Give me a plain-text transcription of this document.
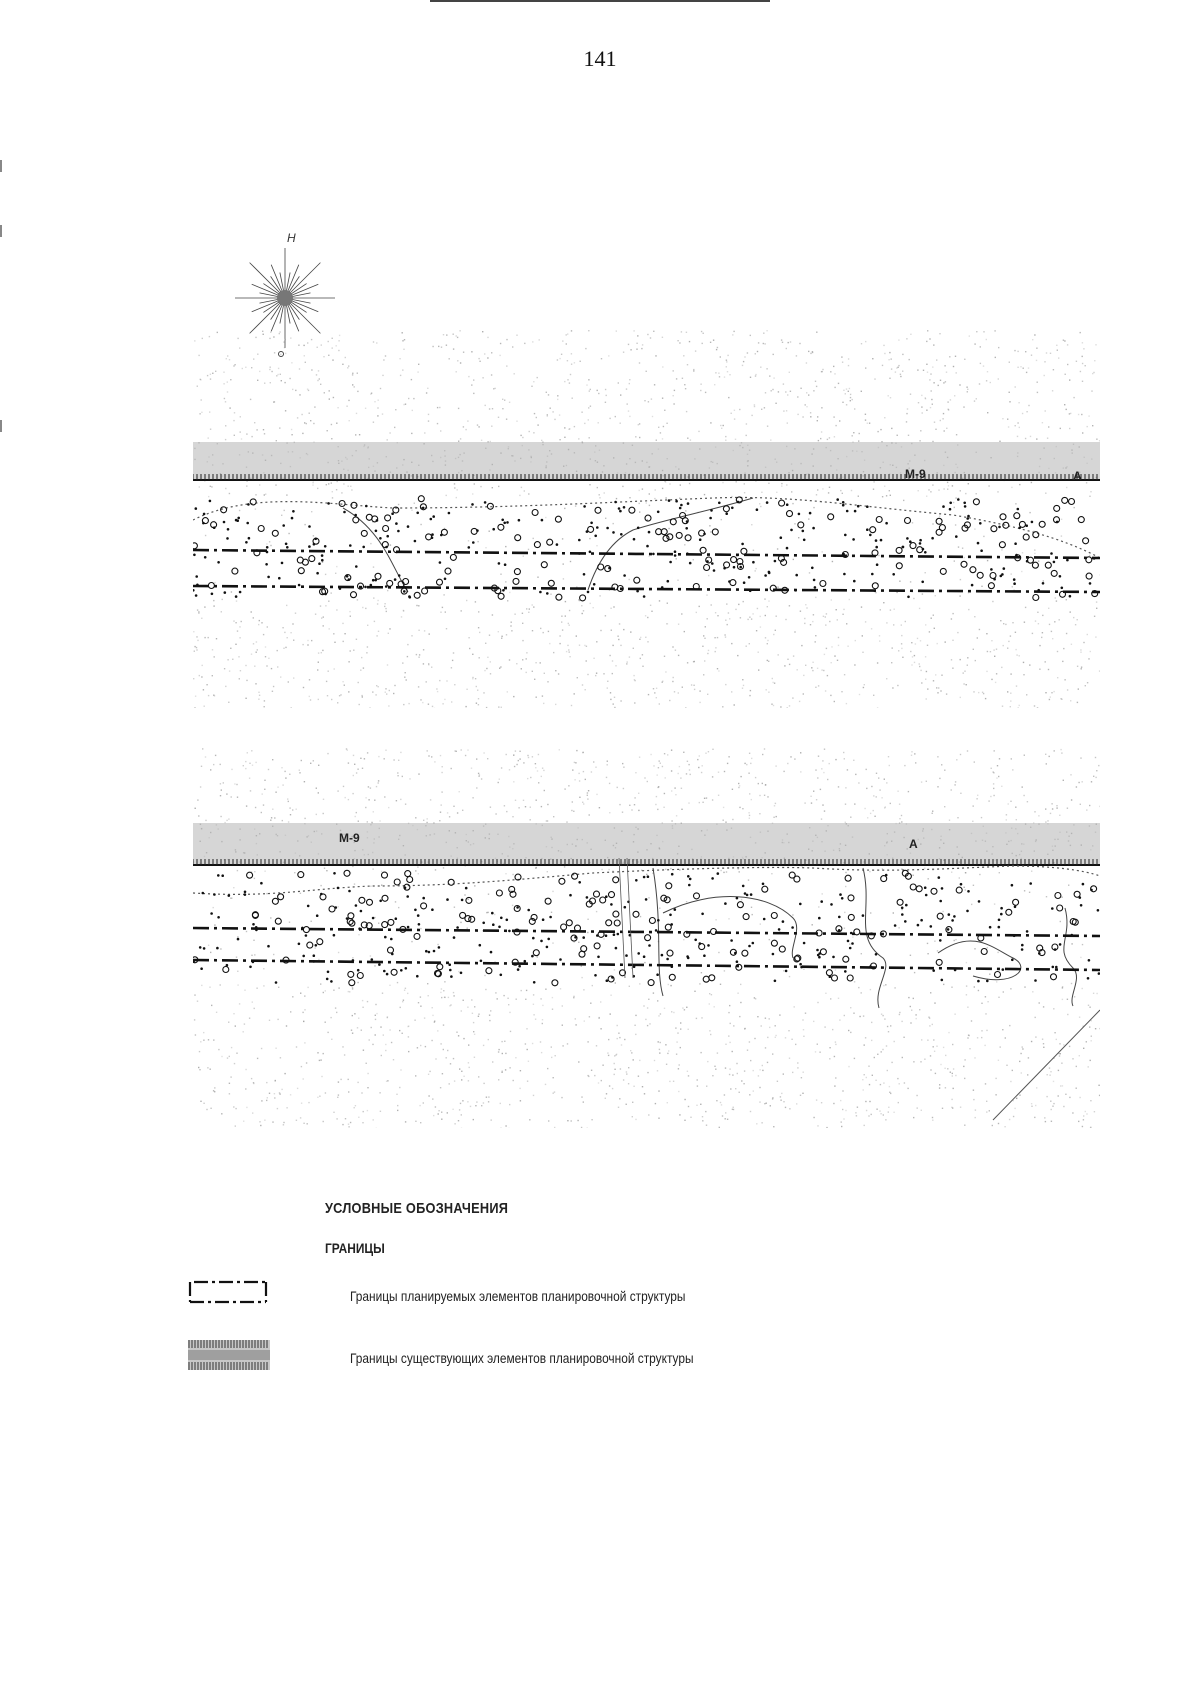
141
Н
М-9	А
М-9	А
УСЛОВНЫЕ ОБОЗНАЧЕНИЯ
ГРАНИЦЫ
Границы планируемых элементов планировочной структуры
Границы существующих элементов планировочной структуры
